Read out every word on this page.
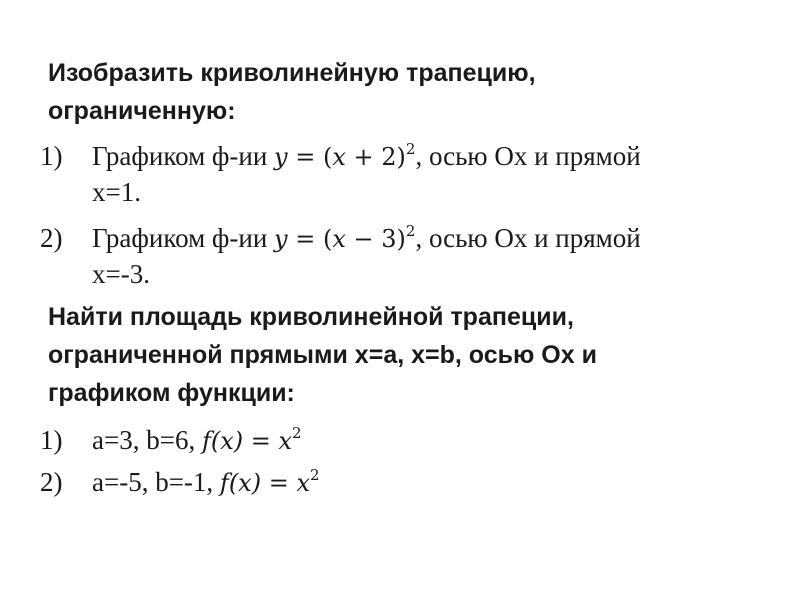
Изобразить криволинейную трапецию,
ограниченную:
1) Графиком ф-ии $y = (x + 2)^2$, осью Ох и прямой
х=1.
2) Графиком ф-ии $y = (x - 3)^2$, осью Ох и прямой
х=-3.
Найти площадь криволинейной трапеции,
ограниченной прямыми х=a, x=b, осью Ох и
графиком функции:
1) a=3, b=6, $f(x) = x^2$
2) a=-5, b=-1, $f(x) = x^2$
